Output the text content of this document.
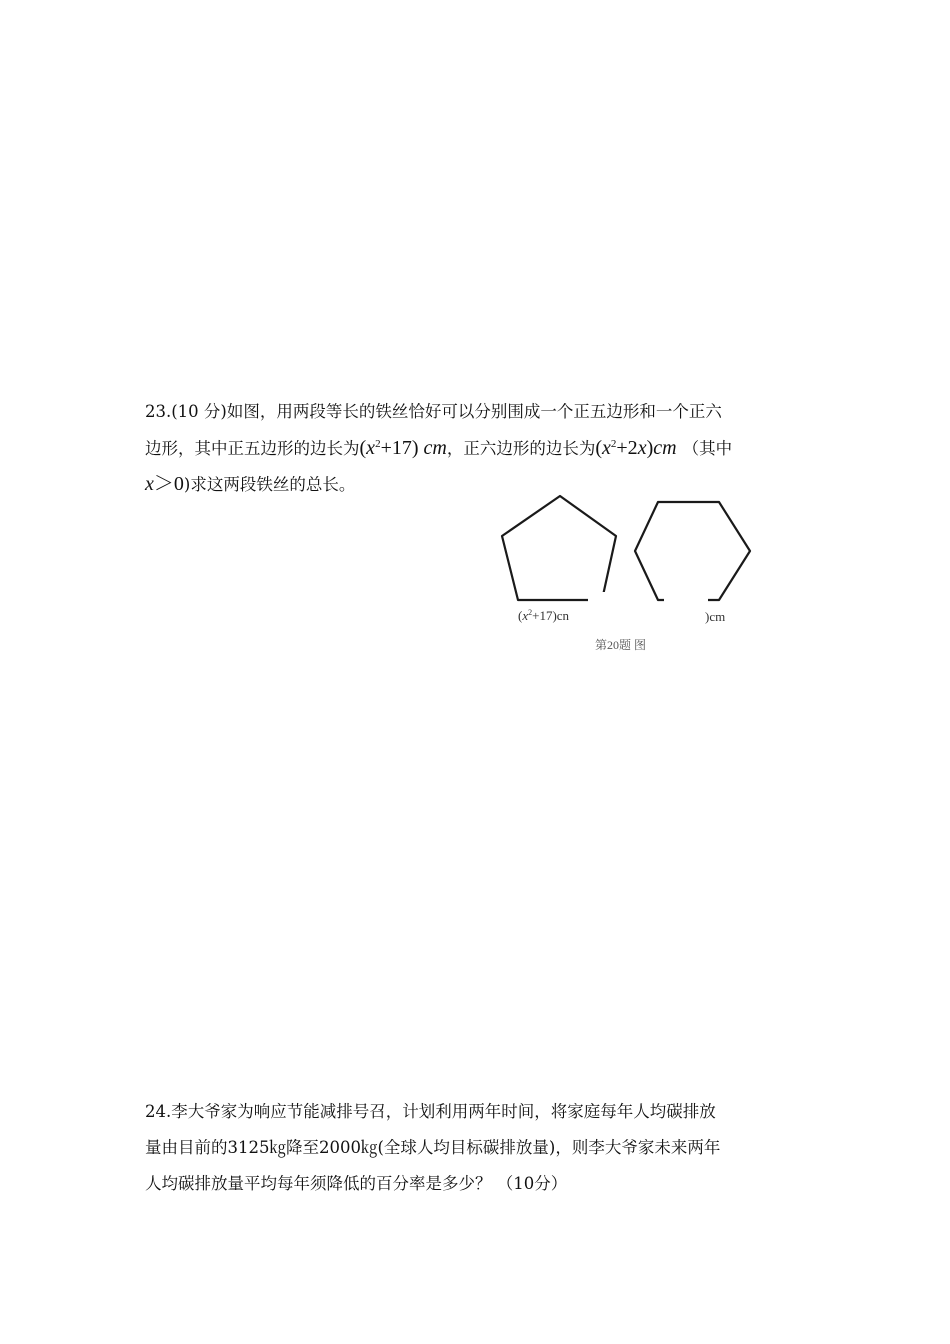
23.(10 分)如图，用两段等长的铁丝恰好可以分别围成一个正五边形和一个正六
边形，其中正五边形的边长为$(x^2+17)$ cm，正六边形的边长为$(x^2+2x)cm$ （其中
x＞0)求这两段铁丝的总长。
$(x^2+17)cn$	)cm
第20题 图
24.李大爷家为响应节能减排号召，计划利用两年时间，将家庭每年人均碳排放
量由目前的3125㎏降至2000㎏(全球人均目标碳排放量)，则李大爷家未来两年
人均碳排放量平均每年须降低的百分率是多少？ （10分）
